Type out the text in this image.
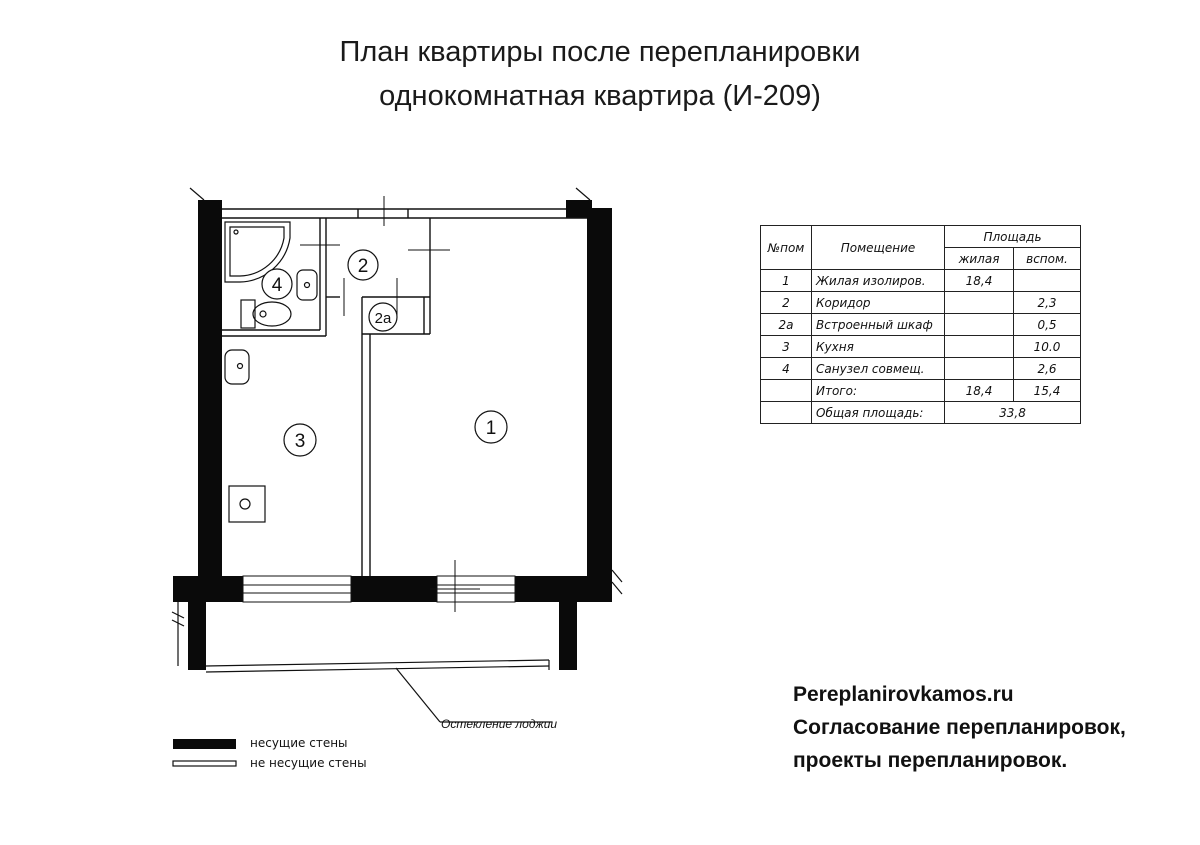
План квартиры после перепланировки
однокомнатная квартира (И-209)
2
4
2а
3
1
Остекление лоджии
№пом	Помещение	Площадь	
		жилая	вспом.
1	Жилая изолиров.	18,4	
2	Коридор		2,3
2а	Встроенный шкаф		0,5
3	Кухня		10.0
4	Санузел совмещ.		2,6
	Итого:	18,4	15,4
	Общая площадь:	33,8	
несущие стены
не несущие стены
Pereplanirovkamos.ru
Согласование перепланировок,
проекты перепланировок.
